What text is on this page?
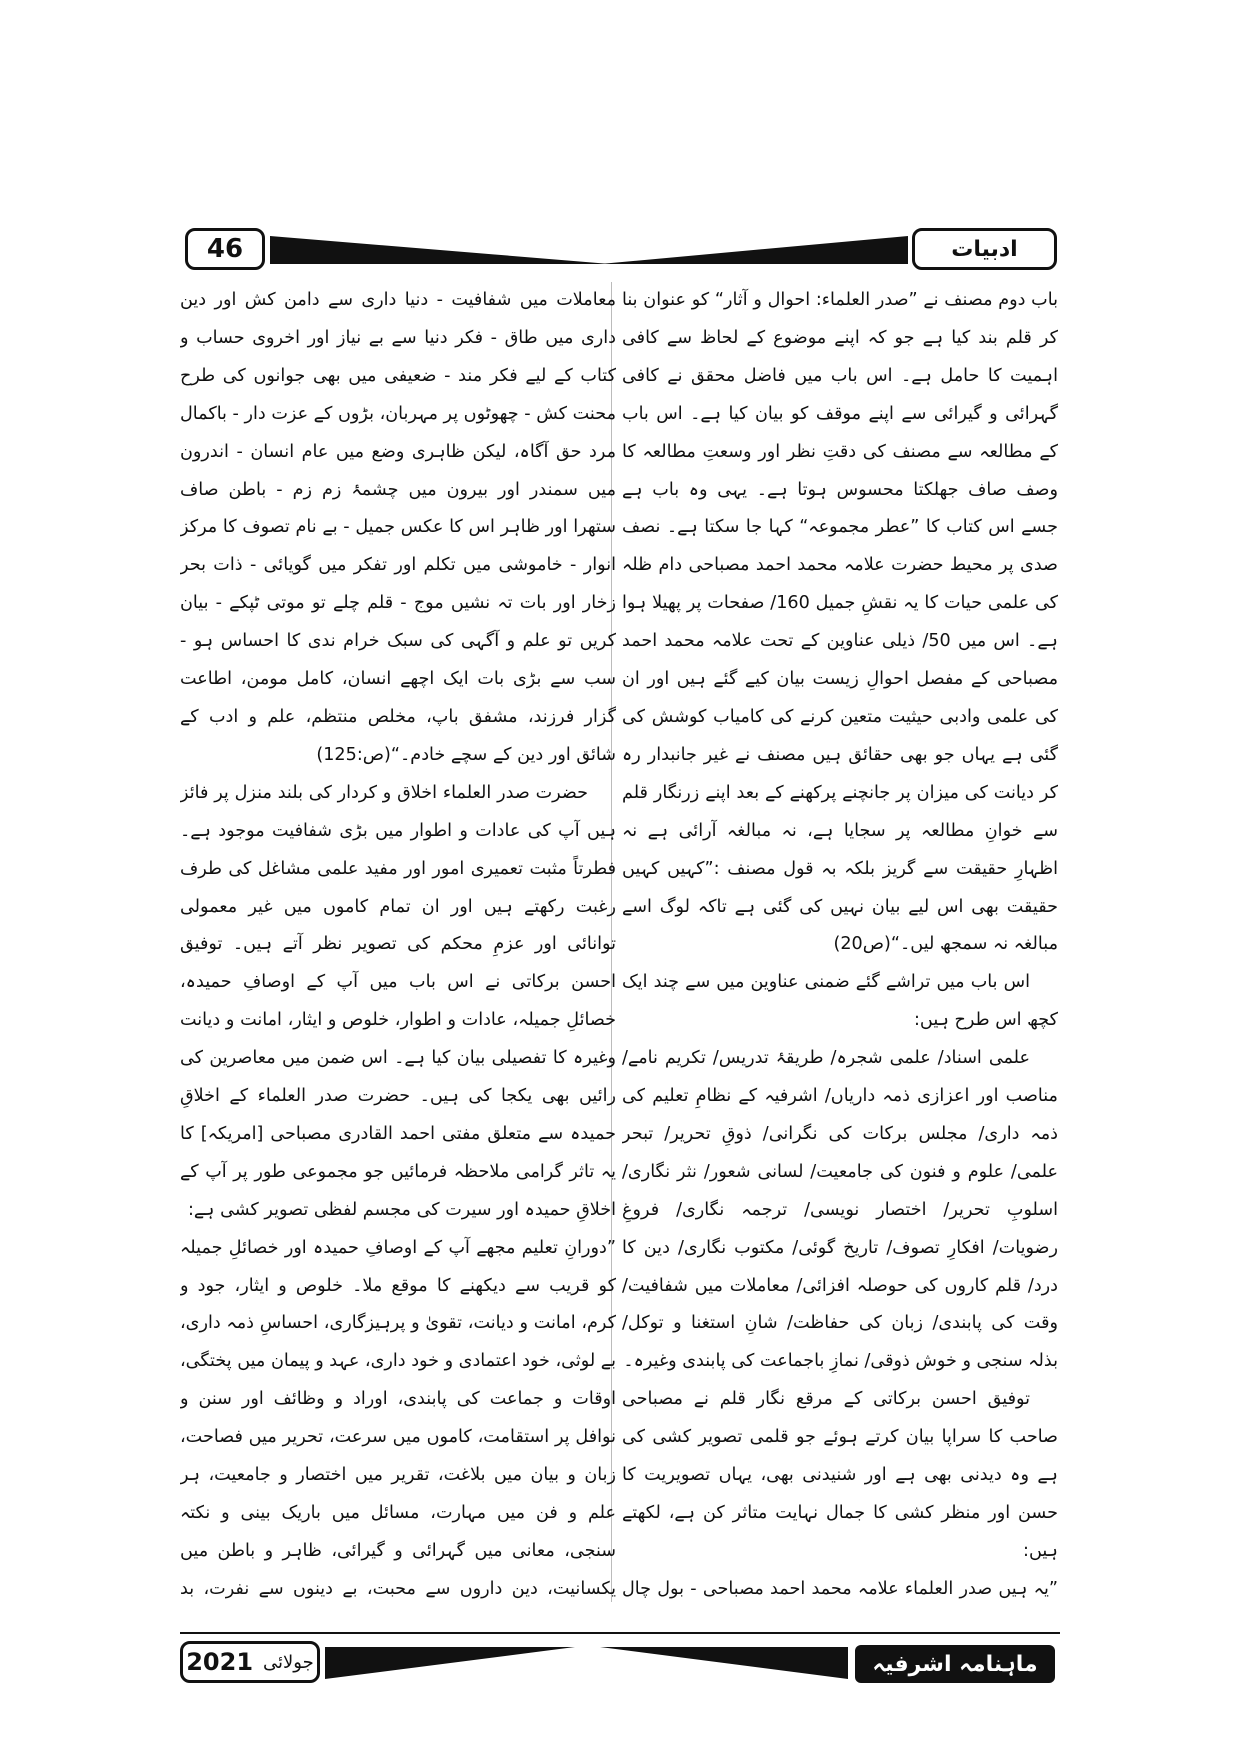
46	ادبیات

باب دوم مصنف نے ”صدر العلماء: احوال و آثار“ کو عنوان بنا کر قلم بند کیا ہے جو کہ اپنے موضوع کے لحاظ سے کافی اہمیت کا حامل ہے۔ اس باب میں فاضل محقق نے کافی گہرائی و گیرائی سے اپنے موقف کو بیان کیا ہے۔ اس باب کے مطالعہ سے مصنف کی دقتِ نظر اور وسعتِ مطالعہ کا وصف صاف جھلکتا محسوس ہوتا ہے۔ یہی وہ باب ہے جسے اس کتاب کا ”عطر مجموعہ“ کہا جا سکتا ہے۔ نصف صدی پر محیط حضرت علامہ محمد احمد مصباحی دام ظلہ کی علمی حیات کا یہ نقشِ جمیل 160/ صفحات پر پھیلا ہوا ہے۔ اس میں 50/ ذیلی عناوین کے تحت علامہ محمد احمد مصباحی کے مفصل احوالِ زیست بیان کیے گئے ہیں اور ان کی علمی وادبی حیثیت متعین کرنے کی کامیاب کوشش کی گئی ہے یہاں جو بھی حقائق ہیں مصنف نے غیر جانبدار رہ کر دیانت کی میزان پر جانچنے پرکھنے کے بعد اپنے زرنگار قلم سے خوانِ مطالعہ پر سجایا ہے، نہ مبالغہ آرائی ہے نہ اظہارِ حقیقت سے گریز بلکہ بہ قول مصنف :”کہیں کہیں حقیقت بھی اس لیے بیان نہیں کی گئی ہے تاکہ لوگ اسے مبالغہ نہ سمجھ لیں۔“(ص20)

اس باب میں تراشے گئے ضمنی عناوین میں سے چند ایک کچھ اس طرح ہیں:

علمی اسناد/ علمی شجرہ/ طریقۂ تدریس/ تکریم نامے/ مناصب اور اعزازی ذمہ داریاں/ اشرفیہ کے نظامِ تعلیم کی ذمہ داری/ مجلس برکات کی نگرانی/ ذوقِ تحریر/ تبحر علمی/ علوم و فنون کی جامعیت/ لسانی شعور/ نثر نگاری/ اسلوبِ تحریر/ اختصار نویسی/ ترجمہ نگاری/ فروغِ رضویات/ افکارِ تصوف/ تاریخ گوئی/ مکتوب نگاری/ دین کا درد/ قلم کاروں کی حوصلہ افزائی/ معاملات میں شفافیت/ وقت کی پابندی/ زبان کی حفاظت/ شانِ استغنا و توکل/ بذلہ سنجی و خوش ذوقی/ نمازِ باجماعت کی پابندی وغیرہ۔

توفیق احسن برکاتی کے مرقع نگار قلم نے مصباحی صاحب کا سراپا بیان کرتے ہوئے جو قلمی تصویر کشی کی ہے وہ دیدنی بھی ہے اور شنیدنی بھی، یہاں تصویریت کا حسن اور منظر کشی کا جمال نہایت متاثر کن ہے، لکھتے ہیں:

”یہ ہیں صدر العلماء علامہ محمد احمد مصباحی - بول چال

معاملات میں شفافیت - دنیا داری سے دامن کش اور دین داری میں طاق - فکر دنیا سے بے نیاز اور اخروی حساب و کتاب کے لیے فکر مند - ضعیفی میں بھی جوانوں کی طرح محنت کش - چھوٹوں پر مہربان، بڑوں کے عزت دار - باکمال مرد حق آگاہ، لیکن ظاہری وضع میں عام انسان - اندرون میں سمندر اور بیرون میں چشمۂ زم زم - باطن صاف ستھرا اور ظاہر اس کا عکس جمیل - بے نام تصوف کا مرکز انوار - خاموشی میں تکلم اور تفکر میں گویائی - ذات بحر زخار اور بات تہ نشیں موج - قلم چلے تو موتی ٹپکے - بیان کریں تو علم و آگہی کی سبک خرام ندی کا احساس ہو - سب سے بڑی بات ایک اچھے انسان، کامل مومن، اطاعت گزار فرزند، مشفق باپ، مخلص منتظم، علم و ادب کے شائق اور دین کے سچے خادم۔“(ص:125)

حضرت صدر العلماء اخلاق و کردار کی بلند منزل پر فائز ہیں آپ کی عادات و اطوار میں بڑی شفافیت موجود ہے۔ فطرتاً مثبت تعمیری امور اور مفید علمی مشاغل کی طرف رغبت رکھتے ہیں اور ان تمام کاموں میں غیر معمولی توانائی اور عزمِ محکم کی تصویر نظر آتے ہیں۔ توفیق احسن برکاتی نے اس باب میں آپ کے اوصافِ حمیدہ، خصائلِ جمیلہ، عادات و اطوار، خلوص و ایثار، امانت و دیانت وغیرہ کا تفصیلی بیان کیا ہے۔ اس ضمن میں معاصرین کی رائیں بھی یکجا کی ہیں۔ حضرت صدر العلماء کے اخلاقِ حمیدہ سے متعلق مفتی احمد القادری مصباحی [امریکہ] کا یہ تاثر گرامی ملاحظہ فرمائیں جو مجموعی طور پر آپ کے اخلاقِ حمیدہ اور سیرت کی مجسم لفظی تصویر کشی ہے:

”دورانِ تعلیم مجھے آپ کے اوصافِ حمیدہ اور خصائلِ جمیلہ کو قریب سے دیکھنے کا موقع ملا۔ خلوص و ایثار، جود و کرم، امانت و دیانت، تقویٰ و پرہیزگاری، احساسِ ذمہ داری، بے لوثی، خود اعتمادی و خود داری، عہد و پیمان میں پختگی، اوقات و جماعت کی پابندی، اوراد و وظائف اور سنن و نوافل پر استقامت، کاموں میں سرعت، تحریر میں فصاحت، زبان و بیان میں بلاغت، تقریر میں اختصار و جامعیت، ہر علم و فن میں مہارت، مسائل میں باریک بینی و نکتہ سنجی، معانی میں گہرائی و گیرائی، ظاہر و باطن میں یکسانیت، دین داروں سے محبت، بے دینوں سے نفرت، بد

2021 جولائی	ماہنامہ اشرفیہ
